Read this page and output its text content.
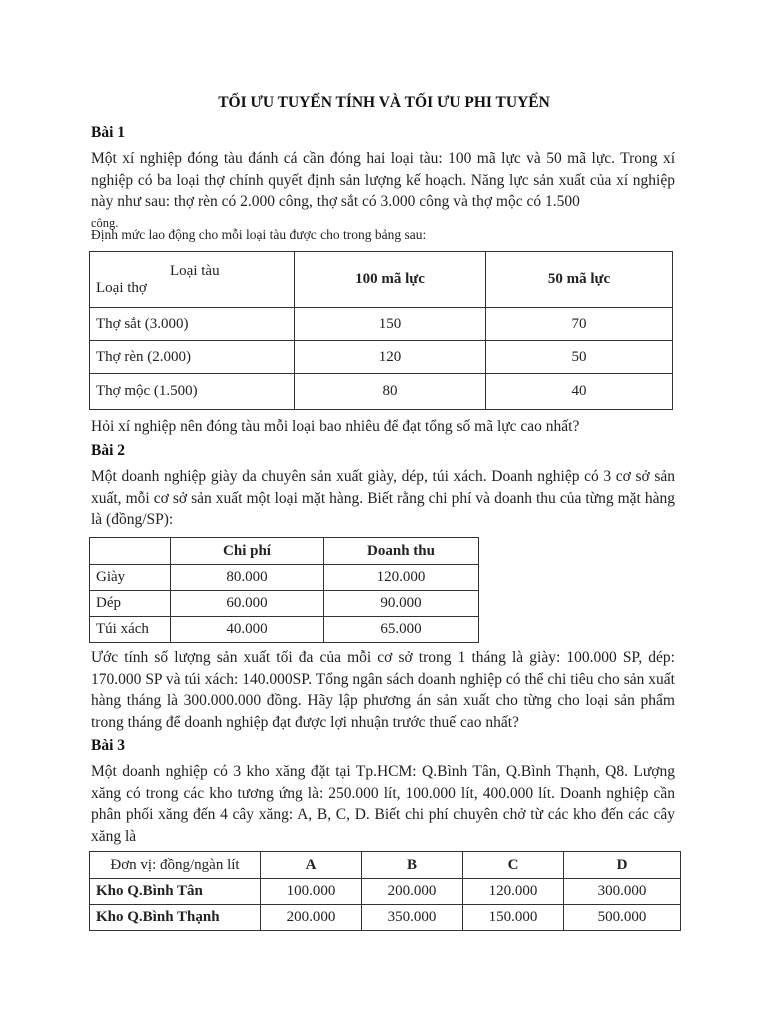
TỐI ƯU TUYẾN TÍNH VÀ TỐI ƯU PHI TUYẾN
Bài 1
Một xí nghiệp đóng tàu đánh cá cần đóng hai loại tàu: 100 mã lực và 50 mã lực. Trong xí nghiệp có ba loại thợ chính quyết định sản lượng kế hoạch. Năng lực sản xuất của xí nghiệp này như sau: thợ rèn có 2.000 công, thợ sắt có 3.000 công và thợ mộc có 1.500
công.
Định mức lao động cho mỗi loại tàu được cho trong bảng sau:
Loại tàu
Loại thợ	100 mã lực	50 mã lực
Thợ sắt (3.000)	150	70
Thợ rèn (2.000)	120	50
Thợ mộc (1.500)	80	40
Hỏi xí nghiệp nên đóng tàu mỗi loại bao nhiêu để đạt tổng số mã lực cao nhất?
Bài 2
Một doanh nghiệp giày da chuyên sản xuất giày, dép, túi xách. Doanh nghiệp có 3 cơ sở sản xuất, mỗi cơ sở sản xuất một loại mặt hàng. Biết rằng chi phí và doanh thu của từng mặt hàng là (đồng/SP):
	Chi phí	Doanh thu
Giày	80.000	120.000
Dép	60.000	90.000
Túi xách	40.000	65.000
Ước tính số lượng sản xuất tối đa của mỗi cơ sở trong 1 tháng là giày: 100.000 SP, dép: 170.000 SP và túi xách: 140.000SP. Tổng ngân sách doanh nghiệp có thể chi tiêu cho sản xuất hàng tháng là 300.000.000 đồng. Hãy lập phương án sản xuất cho từng cho loại sản phẩm trong tháng để doanh nghiệp đạt được lợi nhuận trước thuế cao nhất?
Bài 3
Một doanh nghiệp có 3 kho xăng đặt tại Tp.HCM: Q.Bình Tân, Q.Bình Thạnh, Q8. Lượng xăng có trong các kho tương ứng là: 250.000 lít, 100.000 lít, 400.000 lít. Doanh nghiệp cần phân phối xăng đến 4 cây xăng: A, B, C, D. Biết chi phí chuyên chở từ các kho đến các cây xăng là
Đơn vị: đồng/ngàn lít	A	B	C	D
Kho Q.Bình Tân	100.000	200.000	120.000	300.000
Kho Q.Bình Thạnh	200.000	350.000	150.000	500.000
